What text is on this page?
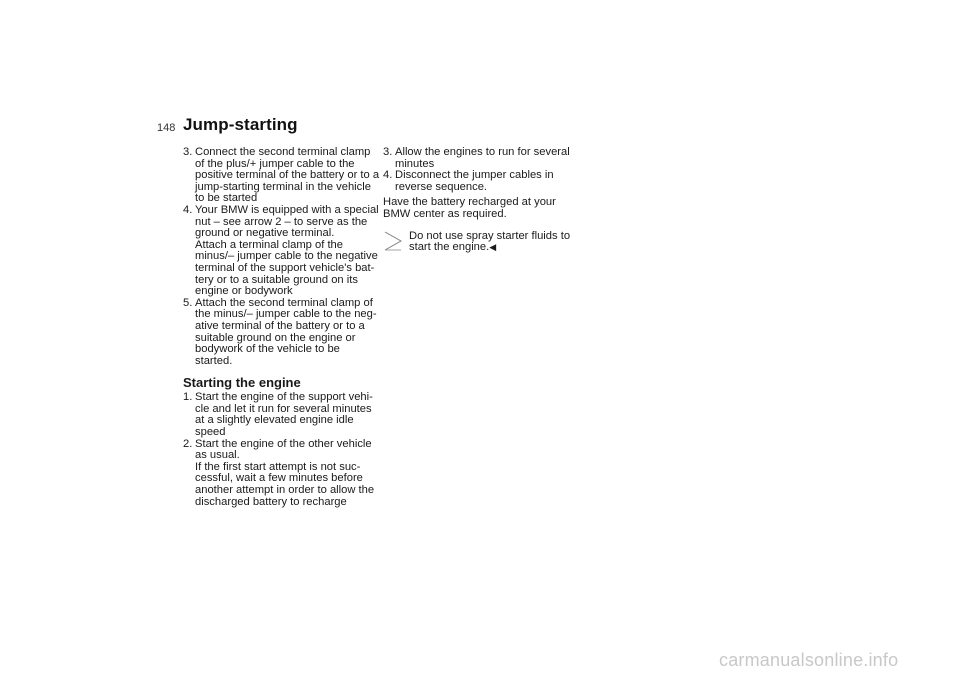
148 Jump-starting
3. Connect the second terminal clamp
of the plus/+ jumper cable to the
positive terminal of the battery or to a
jump-starting terminal in the vehicle
to be started
4. Your BMW is equipped with a special
nut – see arrow 2 – to serve as the
ground or negative terminal.
Attach a terminal clamp of the
minus/– jumper cable to the negative
terminal of the support vehicle's bat-
tery or to a suitable ground on its
engine or bodywork
5. Attach the second terminal clamp of
the minus/– jumper cable to the neg-
ative terminal of the battery or to a
suitable ground on the engine or
bodywork of the vehicle to be
started.
Starting the engine
1. Start the engine of the support vehi-
cle and let it run for several minutes
at a slightly elevated engine idle
speed
2. Start the engine of the other vehicle
as usual.
If the first start attempt is not suc-
cessful, wait a few minutes before
another attempt in order to allow the
discharged battery to recharge
3. Allow the engines to run for several
minutes
4. Disconnect the jumper cables in
reverse sequence.
Have the battery recharged at your
BMW center as required.
Do not use spray starter fluids to
start the engine.◀
carmanualsonline.info
